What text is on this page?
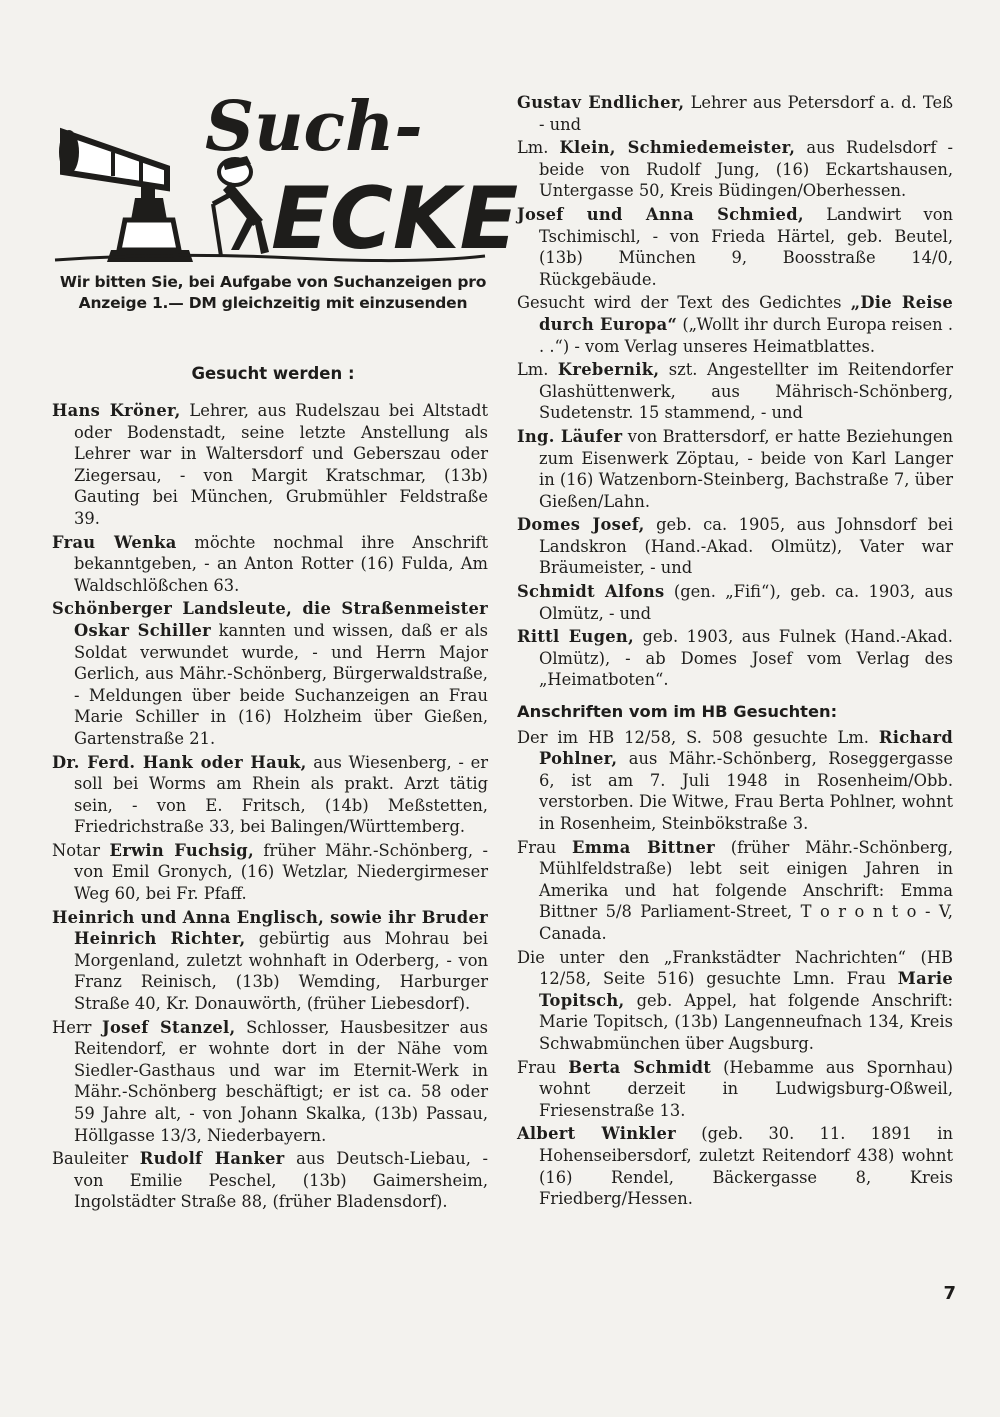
Such-
ECKE
Wir bitten Sie, bei Aufgabe von Suchanzeigen pro Anzeige 1.— DM gleichzeitig mit einzusenden
Gesucht werden :

Hans Kröner, Lehrer, aus Rudelszau bei Altstadt oder Bodenstadt, seine letzte Anstellung als Lehrer war in Waltersdorf und Geberszau oder Ziegersau, - von Margit Kratschmar, (13b) Gauting bei München, Grubmühler Feldstraße 39.

Frau Wenka möchte nochmal ihre Anschrift bekanntgeben, - an Anton Rotter (16) Fulda, Am Waldschlößchen 63.

Schönberger Landsleute, die Straßenmeister Oskar Schiller kannten und wissen, daß er als Soldat verwundet wurde, - und Herrn Major Gerlich, aus Mähr.-Schönberg, Bürgerwaldstraße, - Meldungen über beide Suchanzeigen an Frau Marie Schiller in (16) Holzheim über Gießen, Gartenstraße 21.

Dr. Ferd. Hank oder Hauk, aus Wiesenberg, - er soll bei Worms am Rhein als prakt. Arzt tätig sein, - von E. Fritsch, (14b) Meßstetten, Friedrichstraße 33, bei Balingen/Württemberg.

Notar Erwin Fuchsig, früher Mähr.-Schönberg, - von Emil Gronych, (16) Wetzlar, Niedergirmeser Weg 60, bei Fr. Pfaff.

Heinrich und Anna Englisch, sowie ihr Bruder Heinrich Richter, gebürtig aus Mohrau bei Morgenland, zuletzt wohnhaft in Oderberg, - von Franz Reinisch, (13b) Wemding, Harburger Straße 40, Kr. Donauwörth, (früher Liebesdorf).

Herr Josef Stanzel, Schlosser, Hausbesitzer aus Reitendorf, er wohnte dort in der Nähe vom Siedler-Gasthaus und war im Eternit-Werk in Mähr.-Schönberg beschäftigt; er ist ca. 58 oder 59 Jahre alt, - von Johann Skalka, (13b) Passau, Höllgasse 13/3, Niederbayern.

Bauleiter Rudolf Hanker aus Deutsch-Liebau, - von Emilie Peschel, (13b) Gaimersheim, Ingolstädter Straße 88, (früher Bladensdorf).

Gustav Endlicher, Lehrer aus Petersdorf a. d. Teß - und

Lm. Klein, Schmiedemeister, aus Rudelsdorf - beide von Rudolf Jung, (16) Eckartshausen, Untergasse 50, Kreis Büdingen/Oberhessen.

Josef und Anna Schmied, Landwirt von Tschimischl, - von Frieda Härtel, geb. Beutel, (13b) München 9, Boosstraße 14/0, Rückgebäude.

Gesucht wird der Text des Gedichtes „Die Reise durch Europa“ („Wollt ihr durch Europa reisen . . .“) - vom Verlag unseres Heimatblattes.

Lm. Krebernik, szt. Angestellter im Reitendorfer Glashüttenwerk, aus Mährisch-Schönberg, Sudetenstr. 15 stammend, - und

Ing. Läufer von Brattersdorf, er hatte Beziehungen zum Eisenwerk Zöptau, - beide von Karl Langer in (16) Watzenborn-Steinberg, Bachstraße 7, über Gießen/Lahn.

Domes Josef, geb. ca. 1905, aus Johnsdorf bei Landskron (Hand.-Akad. Olmütz), Vater war Bräumeister, - und

Schmidt Alfons (gen. „Fifi“), geb. ca. 1903, aus Olmütz, - und

Rittl Eugen, geb. 1903, aus Fulnek (Hand.-Akad. Olmütz), - ab Domes Josef vom Verlag des „Heimatboten“.

Anschriften vom im HB Gesuchten:

Der im HB 12/58, S. 508 gesuchte Lm. Richard Pohlner, aus Mähr.-Schönberg, Roseggergasse 6, ist am 7. Juli 1948 in Rosenheim/Obb. verstorben. Die Witwe, Frau Berta Pohlner, wohnt in Rosenheim, Steinbökstraße 3.

Frau Emma Bittner (früher Mähr.-Schönberg, Mühlfeldstraße) lebt seit einigen Jahren in Amerika und hat folgende Anschrift: Emma Bittner 5/8 Parliament-Street, T o r o n t o - V, Canada.

Die unter den „Frankstädter Nachrichten“ (HB 12/58, Seite 516) gesuchte Lmn. Frau Marie Topitsch, geb. Appel, hat folgende Anschrift: Marie Topitsch, (13b) Langenneufnach 134, Kreis Schwabmünchen über Augsburg.

Frau Berta Schmidt (Hebamme aus Spornhau) wohnt derzeit in Ludwigsburg-Oßweil, Friesenstraße 13.

Albert Winkler (geb. 30. 11. 1891 in Hohenseibersdorf, zuletzt Reitendorf 438) wohnt (16) Rendel, Bäckergasse 8, Kreis Friedberg/Hessen.

7
